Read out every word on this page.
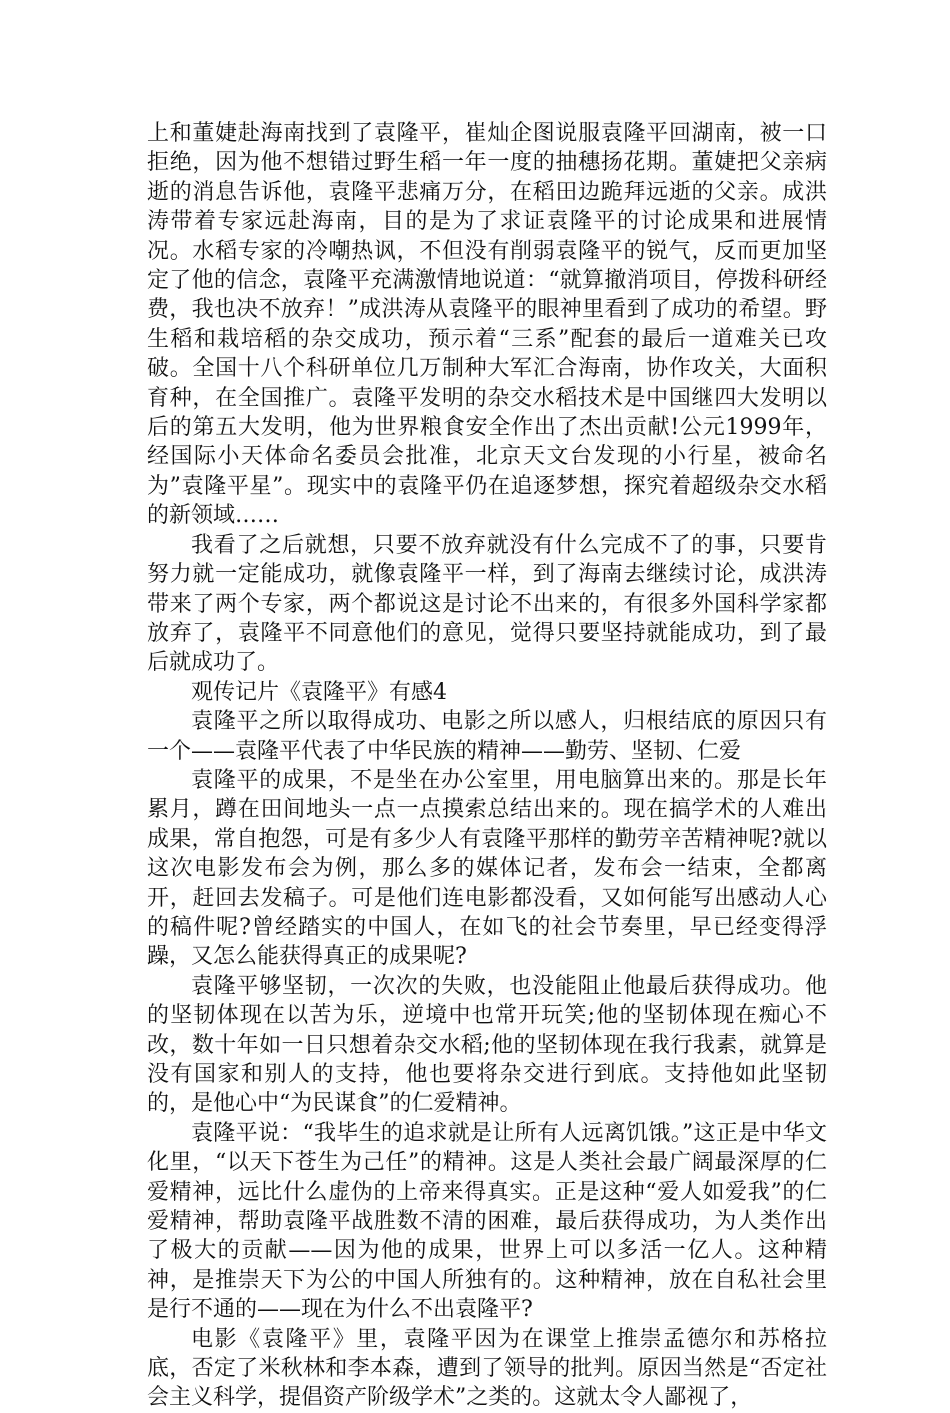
上和董婕赴海南找到了袁隆平，崔灿企图说服袁隆平回湖南，被一口拒绝，因为他不想错过野生稻一年一度的抽穗扬花期。董婕把父亲病逝的消息告诉他，袁隆平悲痛万分，在稻田边跪拜远逝的父亲。成洪涛带着专家远赴海南，目的是为了求证袁隆平的讨论成果和进展情况。水稻专家的冷嘲热讽，不但没有削弱袁隆平的锐气，反而更加坚定了他的信念，袁隆平充满激情地说道：“就算撤消项目，停拨科研经费，我也决不放弃！”成洪涛从袁隆平的眼神里看到了成功的希望。野生稻和栽培稻的杂交成功，预示着“三系”配套的最后一道难关已攻破。全国十八个科研单位几万制种大军汇合海南，协作攻关，大面积育种，在全国推广。袁隆平发明的杂交水稻技术是中国继四大发明以后的第五大发明，他为世界粮食安全作出了杰出贡献!公元1999年，经国际小天体命名委员会批准，北京天文台发现的小行星，被命名为”袁隆平星”。现实中的袁隆平仍在追逐梦想，探究着超级杂交水稻的新领域……

我看了之后就想，只要不放弃就没有什么完成不了的事，只要肯努力就一定能成功，就像袁隆平一样，到了海南去继续讨论，成洪涛带来了两个专家，两个都说这是讨论不出来的，有很多外国科学家都放弃了，袁隆平不同意他们的意见，觉得只要坚持就能成功，到了最后就成功了。

观传记片《袁隆平》有感4

袁隆平之所以取得成功、电影之所以感人，归根结底的原因只有一个——袁隆平代表了中华民族的精神——勤劳、坚韧、仁爱

袁隆平的成果，不是坐在办公室里，用电脑算出来的。那是长年累月，蹲在田间地头一点一点摸索总结出来的。现在搞学术的人难出成果，常自抱怨，可是有多少人有袁隆平那样的勤劳辛苦精神呢?就以这次电影发布会为例，那么多的媒体记者，发布会一结束，全都离开，赶回去发稿子。可是他们连电影都没看，又如何能写出感动人心的稿件呢?曾经踏实的中国人，在如飞的社会节奏里，早已经变得浮躁，又怎么能获得真正的成果呢?

袁隆平够坚韧，一次次的失败，也没能阻止他最后获得成功。他的坚韧体现在以苦为乐，逆境中也常开玩笑;他的坚韧体现在痴心不改，数十年如一日只想着杂交水稻;他的坚韧体现在我行我素，就算是没有国家和别人的支持，他也要将杂交进行到底。支持他如此坚韧的，是他心中“为民谋食”的仁爱精神。

袁隆平说：“我毕生的追求就是让所有人远离饥饿。”这正是中华文化里，“以天下苍生为己任”的精神。这是人类社会最广阔最深厚的仁爱精神，远比什么虚伪的上帝来得真实。正是这种“爱人如爱我”的仁爱精神，帮助袁隆平战胜数不清的困难，最后获得成功，为人类作出了极大的贡献——因为他的成果，世界上可以多活一亿人。这种精神，是推崇天下为公的中国人所独有的。这种精神，放在自私社会里是行不通的——现在为什么不出袁隆平?

电影《袁隆平》里，袁隆平因为在课堂上推崇孟德尔和苏格拉底，否定了米秋林和李本森，遭到了领导的批判。原因当然是“否定社会主义科学，提倡资产阶级学术”之类的。这就太令人鄙视了，
